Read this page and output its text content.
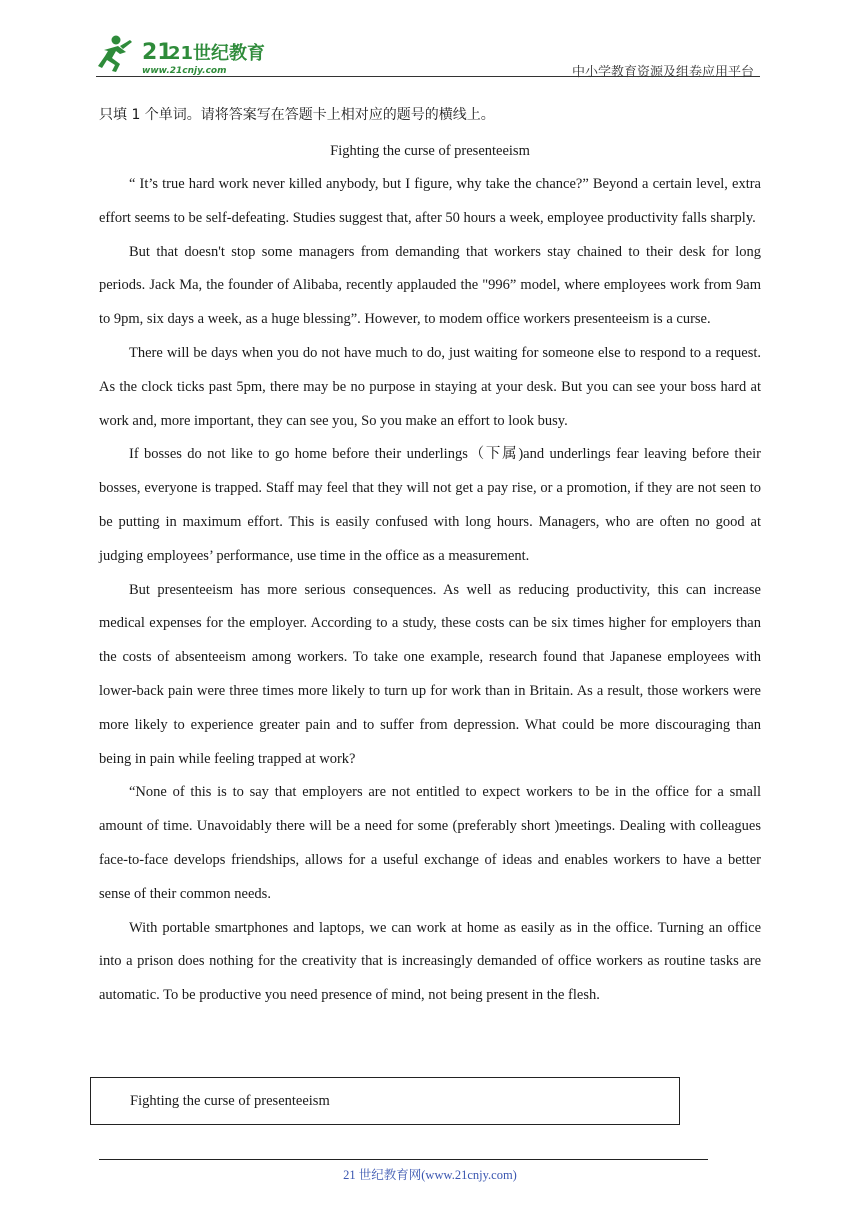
21
21世纪教育
www.21cnjy.com	中小学教育资源及组卷应用平台

只填 1 个单词。请将答案写在答题卡上相对应的题号的横线上。

Fighting the curse of presenteeism

“ It’s true hard work never killed anybody, but I figure, why take the chance?” Beyond a certain level, extra effort seems to be self-defeating. Studies suggest that, after 50 hours a week, employee productivity falls sharply.

But that doesn't stop some managers from demanding that workers stay chained to their desk for long periods. Jack Ma, the founder of Alibaba, recently applauded the "996” model, where employees work from 9am to 9pm, six days a week, as a huge blessing”. However, to modem office workers presenteeism is a curse.

There will be days when you do not have much to do, just waiting for someone else to respond to a request. As the clock ticks past 5pm, there may be no purpose in staying at your desk. But you can see your boss hard at work and, more important, they can see you, So you make an effort to look busy.

If bosses do not like to go home before their underlings（下属)and underlings fear leaving before their bosses, everyone is trapped. Staff may feel that they will not get a pay rise, or a promotion, if they are not seen to be putting in maximum effort. This is easily confused with long hours. Managers, who are often no good at judging employees’ performance, use time in the office as a measurement.

But presenteeism has more serious consequences. As well as reducing productivity, this can increase medical expenses for the employer. According to a study, these costs can be six times higher for employers than the costs of absenteeism among workers. To take one example, research found that Japanese employees with lower-back pain were three times more likely to turn up for work than in Britain. As a result, those workers were more likely to experience greater pain and to suffer from depression. What could be more discouraging than being in pain while feeling trapped at work?

“None of this is to say that employers are not entitled to expect workers to be in the office for a small amount of time. Unavoidably there will be a need for some (preferably short )meetings. Dealing with colleagues face-to-face develops friendships, allows for a useful exchange of ideas and enables workers to have a better sense of their common needs.

With portable smartphones and laptops, we can work at home as easily as in the office. Turning an office into a prison does nothing for the creativity that is increasingly demanded of office workers as routine tasks are automatic. To be productive you need presence of mind, not being present in the flesh.

Fighting the curse of presenteeism
21 世纪教育网(www.21cnjy.com)
